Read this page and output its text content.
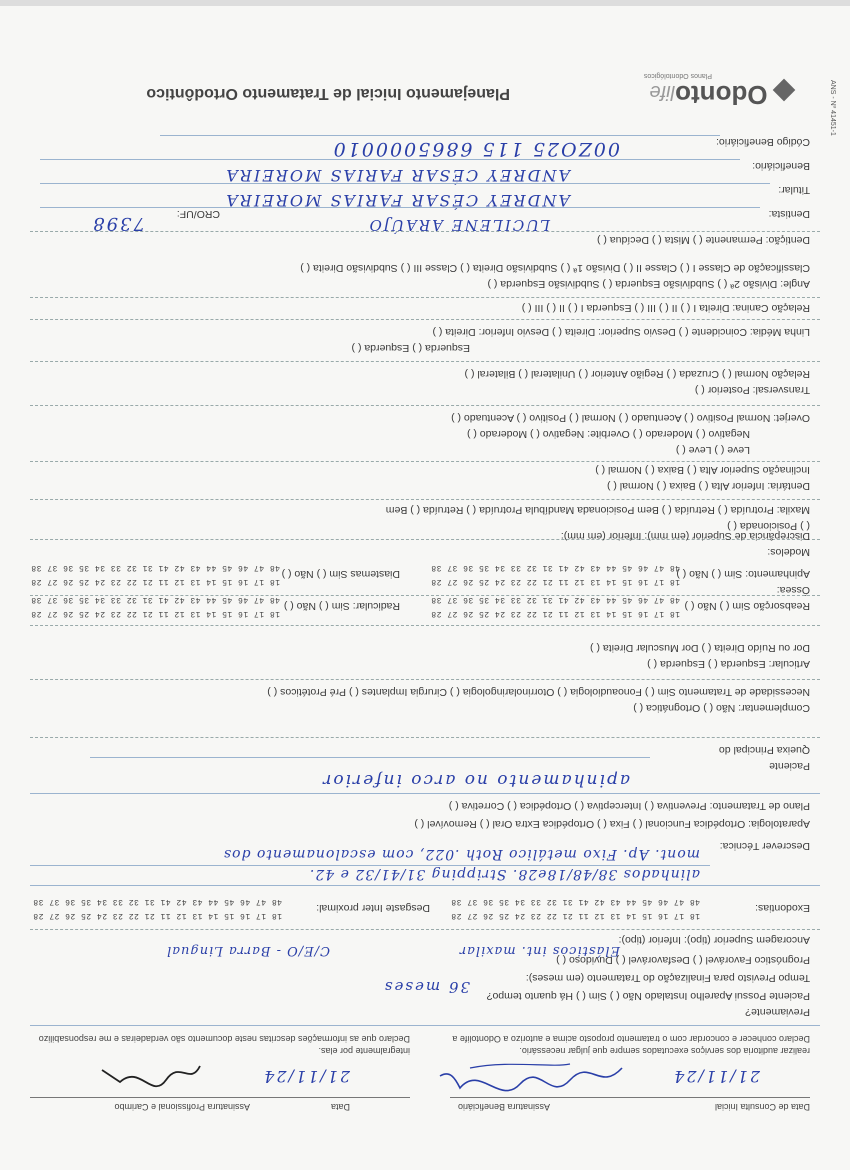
Odontolife
Planos Odontológicos
ANS - Nº 41451-1
Planejamento Inicial de Tratamento Ortodôntico
Código Beneficiário:
00ZO25 115 6865000010
Beneficiário:
ANDREY CÉSAR FARIAS MOREIRA
Titular:
ANDREY CÉSAR FARIAS MOREIRA
Dentista:
LUCILENE ARAÚJO
CRO/UF:
7398
Dentição: Permanente ( ) Mista ( ) Decídua ( )
Classificação de Classe I ( ) Classe II ( ) Divisão 1ª ( ) Subdivisão Direita ( ) Classe III ( ) Subdivisão Direita ( )
Angle: Divisão 2ª ( ) Subdivisão Esquerda ( ) Subdivisão Esquerda ( )
Relação Canina: Direita I ( ) II ( ) III ( ) Esquerda I ( ) II ( ) III ( )
Linha Média: Coincidente ( ) Desvio Superior: Direita ( ) Desvio Inferior: Direita ( )
Esquerda ( ) Esquerda ( )
Relação Normal ( ) Cruzada ( ) Região Anterior ( ) Unilateral ( ) Bilateral ( )
Transversal: Posterior ( )
Overjet: Normal Positivo ( ) Acentuado ( ) Normal ( ) Positivo ( ) Acentuado ( )
Negativo ( ) Moderado ( ) Overbite: Negativo ( ) Moderado ( )
Leve ( ) Leve ( )
Inclinação Superior Alta ( ) Baixa ( ) Normal ( )
Dentária: Inferior Alta ( ) Baixa ( ) Normal ( )
Maxila: Protruída ( ) Retruída ( ) Bem Posicionada Mandíbula Protruída ( ) Retruída ( ) Bem
( ) Posicionada ( )
Apinhamento: Sim ( ) Não ( )
18 17 16 15 14 13 12 11 21 22 23 24 25 26 27 28
48 47 46 45 44 43 42 41 31 32 33 34 35 36 37 38
Diastemas Sim ( ) Não ( )
18 17 16 15 14 13 12 11 21 22 23 24 25 26 27 28
48 47 46 45 44 43 42 41 31 32 33 34 35 36 37 38
Reabsorção Sim ( ) Não ( )
Óssea:
18 17 16 15 14 13 12 11 21 22 23 24 25 26 27 28
48 47 46 45 44 43 42 41 31 32 33 34 35 36 37 38
Radicular: Sim ( ) Não ( )
18 17 16 15 14 13 12 11 21 22 23 24 25 26 27 28
48 47 46 45 44 43 42 41 31 32 33 34 35 36 37 38
Discrepância de Superior (em mm): Inferior (em mm):
Modelos:
Dor ou Ruído Direita ( ) Dor Muscular Direita ( )
Articular: Esquerda ( ) Esquerda ( )
Necessidade de Tratamento Sim ( ) Fonoaudiologia ( ) Otorrinolaringologia ( ) Cirurgia Implantes ( ) Pré Protéticos ( )
Complementar: Não ( ) Ortognática ( )
Queixa Principal do
Paciente
apinhamento no arco inferior
Plano de Tratamento: Preventiva ( ) Interceptiva ( ) Ortopédica ( ) Corretiva ( )
Aparatologia: Ortopédica Funcional ( ) Fixa ( ) Ortopédica Extra Oral ( ) Removível ( )
Descrever Técnica:
mont. Ap. Fixo metálico Roth .022, com escalonamento dos
alinhados 38/48/18e28. Stripping 31/41/32 e 42.
Exodontias:
18 17 16 15 14 13 12 11 21 22 23 24 25 26 27 28
48 47 46 45 44 43 42 41 31 32 33 34 35 36 37 38
Desgaste Inter proximal:
18 17 16 15 14 13 12 11 21 22 23 24 25 26 27 28
48 47 46 45 44 43 42 41 31 32 33 34 35 36 37 38
Ancoragem Superior (tipo): Inferior (tipo):
Elásticos int. maxilar
C/E/O - Barra Lingual
Prognóstico Favorável ( ) Desfavorável ( ) Duvidoso ( )
Tempo Previsto para Finalização do Tratamento (em meses):
36 meses Paciente Possui Aparelho Instalado Não ( ) Sim ( ) Há quanto tempo?
Previamente?
Declaro conhecer e concordar com o tratamento proposto acima e autorizo a Odontolife a
realizar auditoria dos serviços executados sempre que julgar necessário.
Declaro que as informações descritas neste documento são verdadeiras e me responsabilizo
integralmente por elas.
21/11/24
21/11/24
Data de Consulta Inicial
Assinatura Beneficiário
Data
Assinatura Profissional e Carimbo
